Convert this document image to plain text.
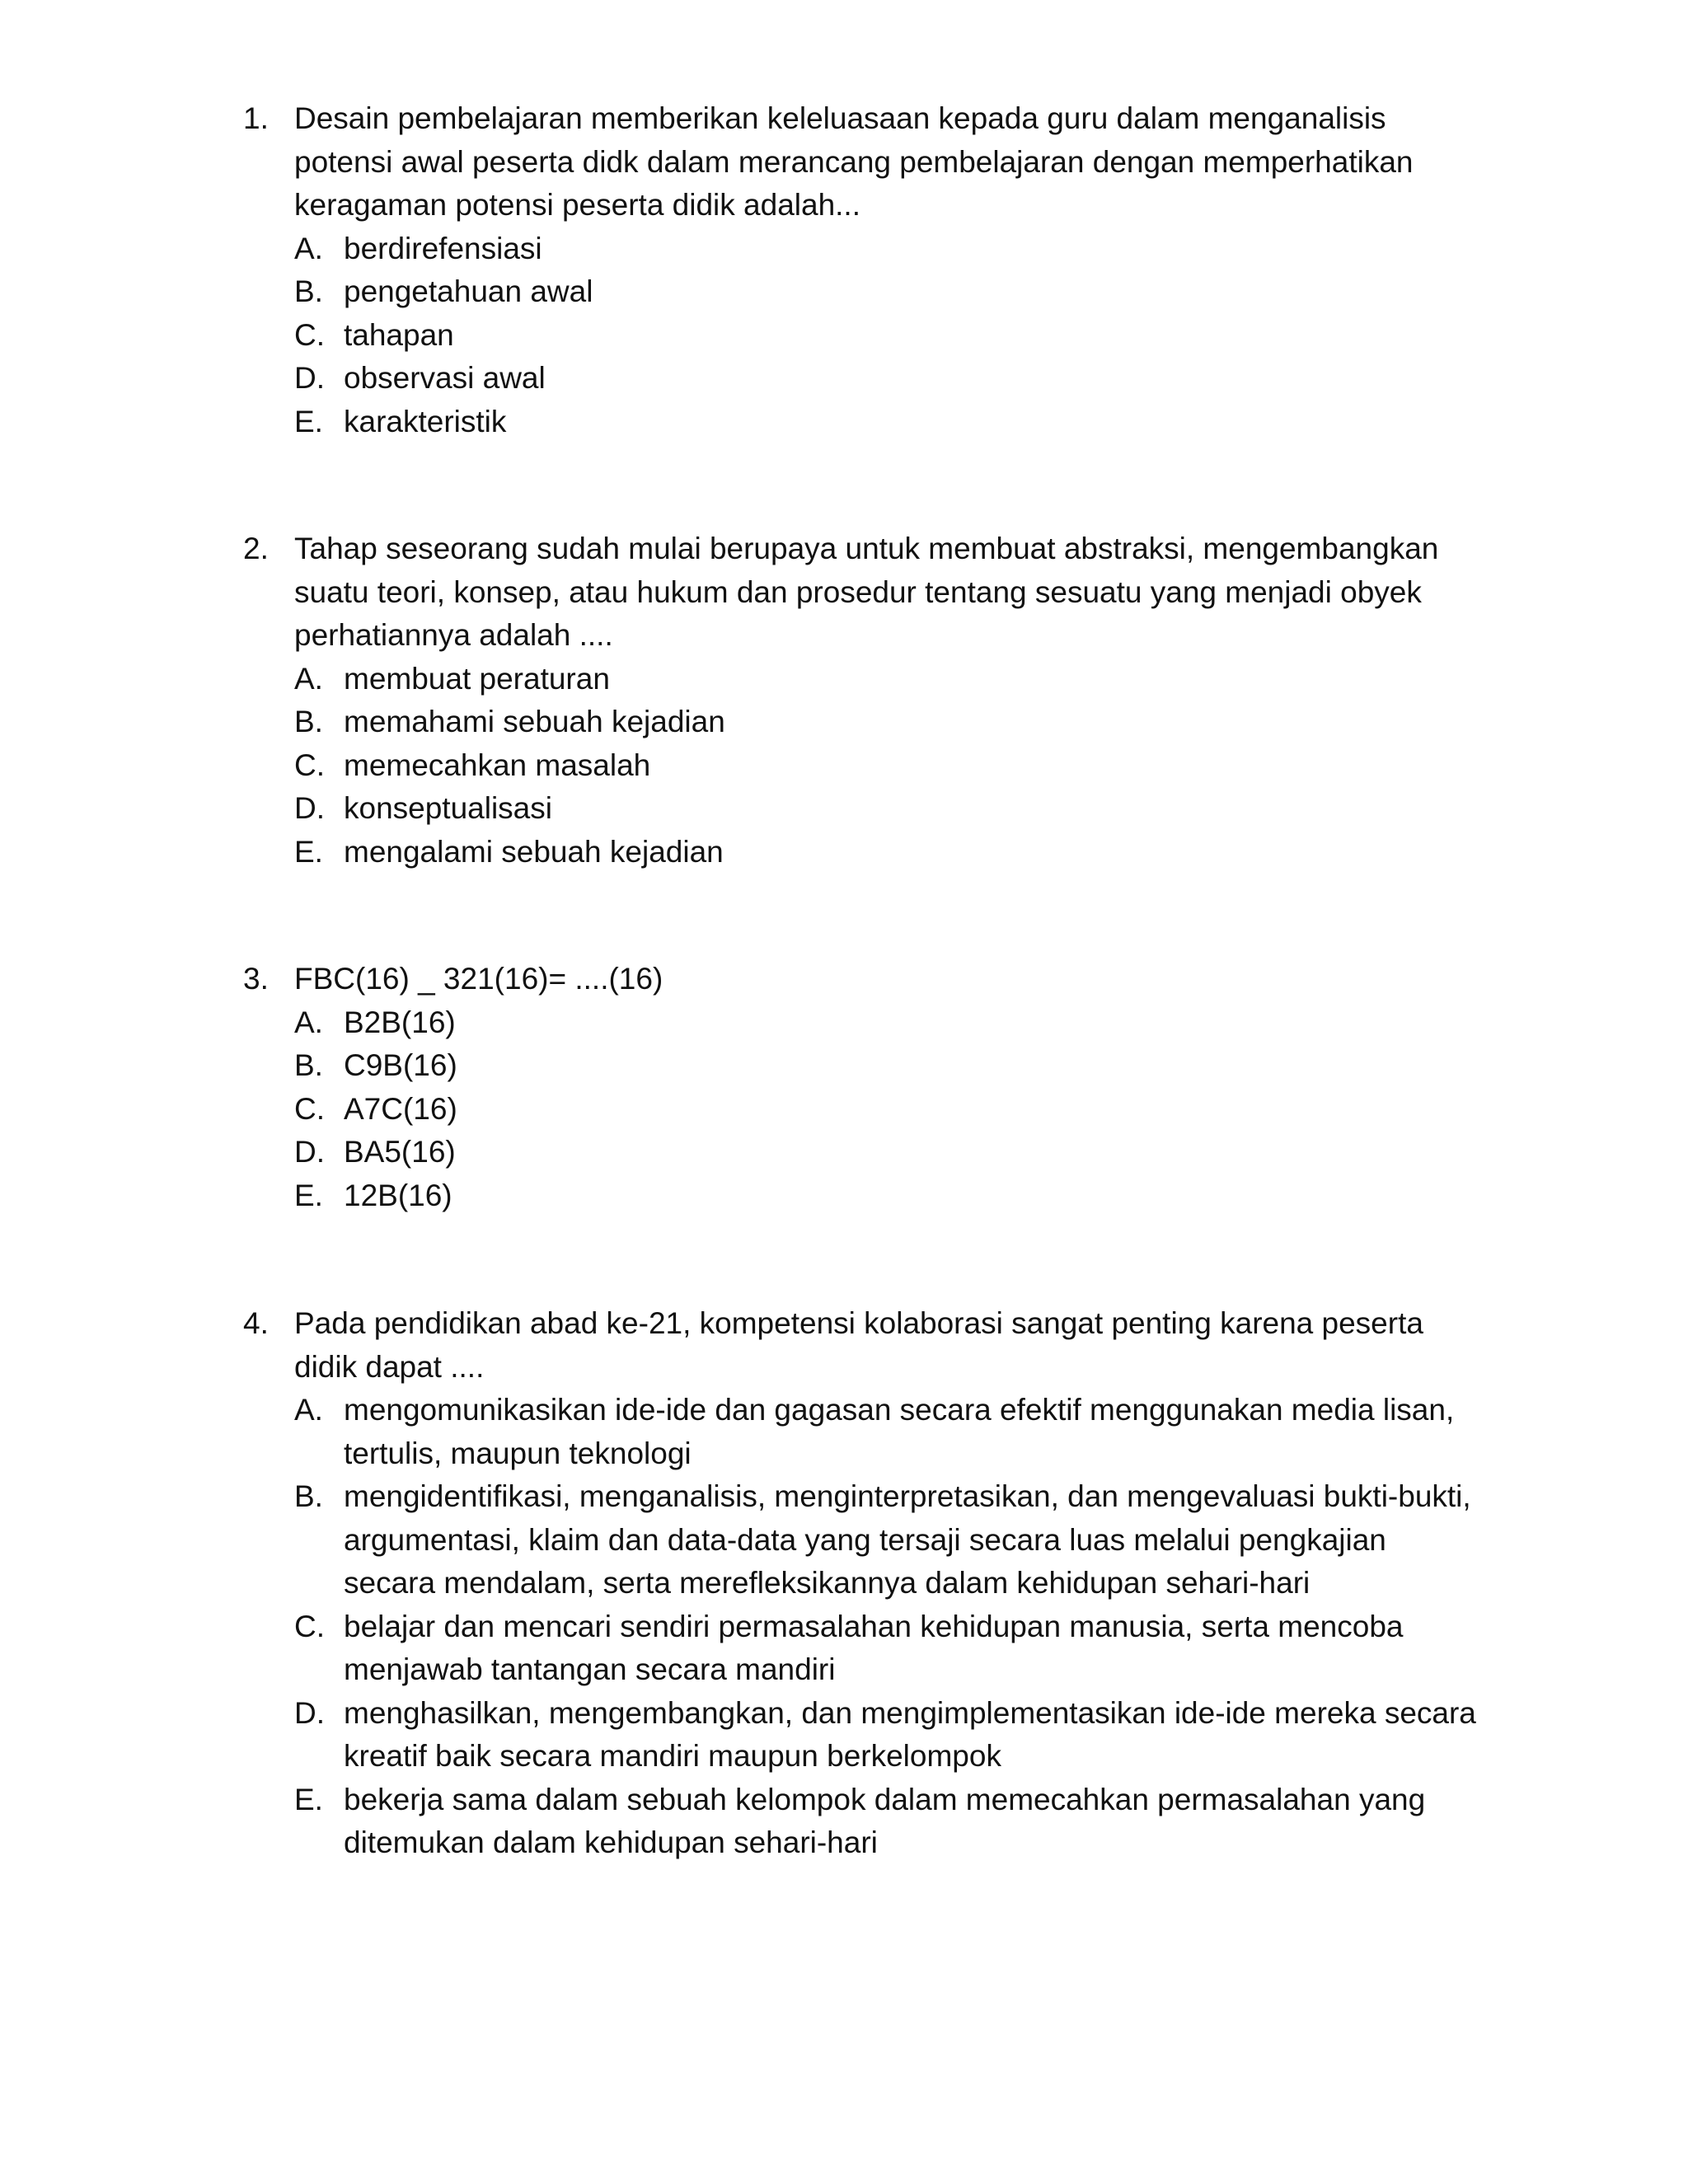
1. Desain pembelajaran memberikan keleluasaan kepada guru dalam menganalisis potensi awal peserta didk dalam merancang pembelajaran dengan memperhatikan keragaman potensi peserta didik adalah...
A. berdirefensiasi
B. pengetahuan awal
C. tahapan
D. observasi awal
E. karakteristik
2. Tahap seseorang sudah mulai berupaya untuk membuat abstraksi, mengembangkan suatu teori, konsep, atau hukum dan prosedur tentang sesuatu yang menjadi obyek perhatiannya adalah ....
A. membuat peraturan
B. memahami sebuah kejadian
C. memecahkan masalah
D. konseptualisasi
E. mengalami sebuah kejadian
3. FBC(16) _ 321(16)= ....(16)
A. B2B(16)
B. C9B(16)
C. A7C(16)
D. BA5(16)
E. 12B(16)
4. Pada pendidikan abad ke-21, kompetensi kolaborasi sangat penting karena peserta didik dapat ....
A. mengomunikasikan ide-ide dan gagasan secara efektif menggunakan media lisan, tertulis, maupun teknologi
B. mengidentifikasi, menganalisis, menginterpretasikan, dan mengevaluasi bukti-bukti, argumentasi, klaim dan data-data yang tersaji secara luas melalui pengkajian secara mendalam, serta merefleksikannya dalam kehidupan sehari-hari
C. belajar dan mencari sendiri permasalahan kehidupan manusia, serta mencoba menjawab tantangan secara mandiri
D. menghasilkan, mengembangkan, dan mengimplementasikan ide-ide mereka secara kreatif baik secara mandiri maupun berkelompok
E. bekerja sama dalam sebuah kelompok dalam memecahkan permasalahan yang ditemukan dalam kehidupan sehari-hari
